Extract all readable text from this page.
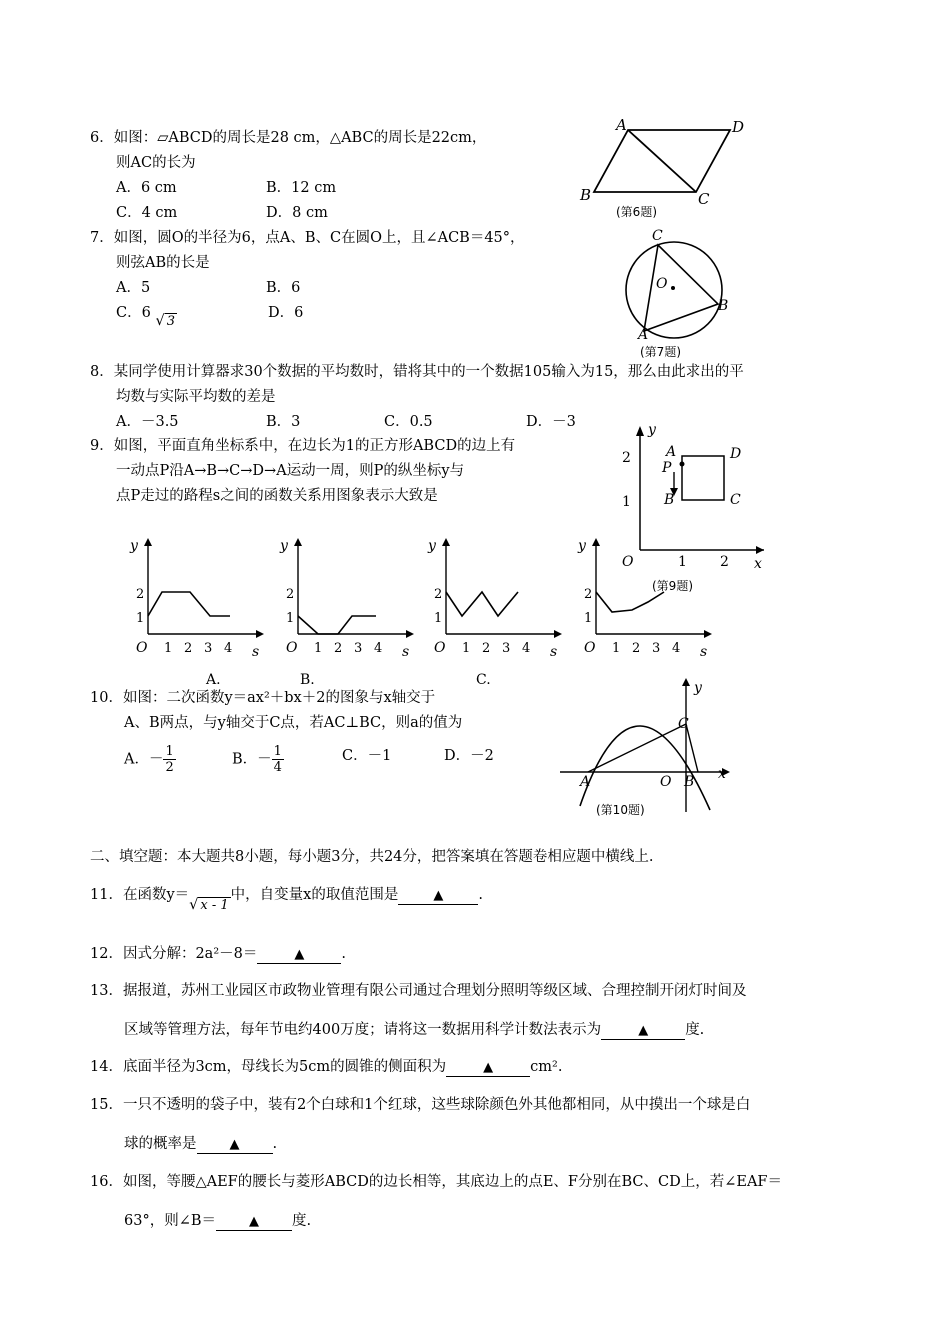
6．如图：▱ABCD的周长是28 cm，△ABC的周长是22cm，
则AC的长为
A．6 cm	B．12 cm
C．4 cm	D．8 cm
A	D
B	C
(第6题)
7．如图，圆O的半径为6，点A、B、C在圆O上，且∠ACB＝45°，
则弦AB的长是
A．5	B．6
C．6 √ 3
D．6
C
O
B
A
(第7题)
8．某同学使用计算器求30个数据的平均数时，错将其中的一个数据105输入为15，那么由此求出的平
均数与实际平均数的差是
A．－3.5	B．3	C．0.5	D．－3
9．如图，平面直角坐标系中，在边长为1的正方形ABCD的边上有
一动点P沿A→B→C→D→A运动一周，则P的纵坐标y与
点P走过的路程s之间的函数关系用图象表示大致是
y
A
P
D
B	C
2
1
O	1 2 x
(第9题)
y
2
1
O 1 2 3 4 s
A.
y
2
1
O 1 2 3 4 s
B.
y
2
1
O 1 2 3 4 s
C.
y
2
1
O 1 2 3 4 s
10．如图：二次函数y＝ax²＋bx＋2的图象与x轴交于
A、B两点，与y轴交于C点，若AC⊥BC，则a的值为
A．－ $\frac{1}{2}$	B．－ $\frac{1}{4}$	C．－1	D．－2
y
C
A	O B x
(第10题)
二、填空题：本大题共8小题，每小题3分，共24分，把答案填在答题卷相应题中横线上.
11．在函数y＝√ x - 1中，自变量x的取值范围是	▲ .
12．因式分解：2a²－8＝	▲	.
13．据报道，苏州工业园区市政物业管理有限公司通过合理划分照明等级区域、合理控制开闭灯时间及
区域等管理方法，每年节电约400万度；请将这一数据用科学计数法表示为	▲	度.
14．底面半径为3cm，母线长为5cm的圆锥的侧面积为	▲	cm².
15．一只不透明的袋子中，装有2个白球和1个红球，这些球除颜色外其他都相同，从中摸出一个球是白
球的概率是	▲ .
16．如图，等腰△AEF的腰长与菱形ABCD的边长相等，其底边上的点E、F分别在BC、CD上，若∠EAF＝
63°，则∠B＝	▲ 度.
